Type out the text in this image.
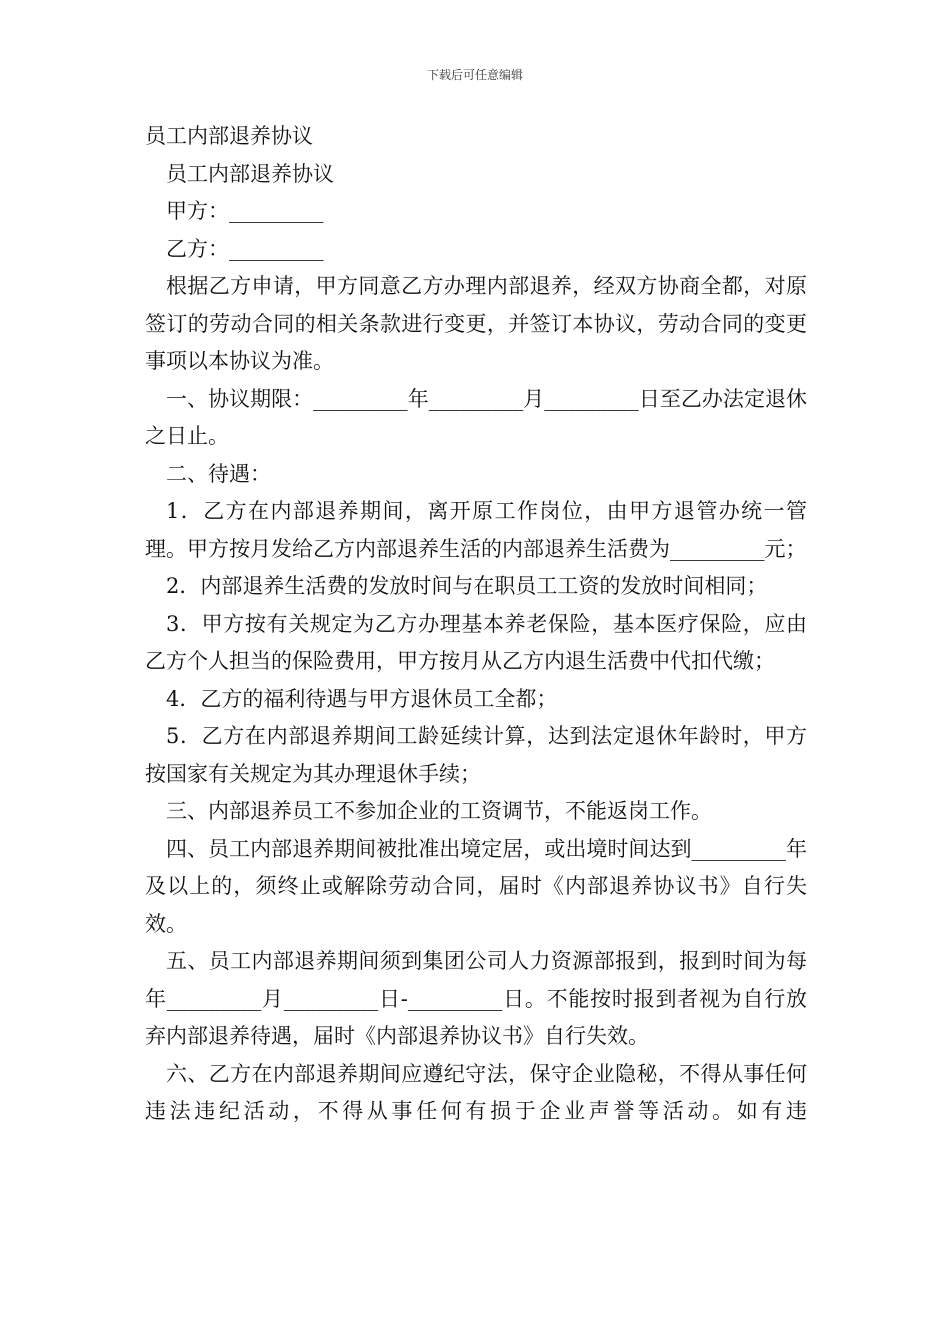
下载后可任意编辑

员工内部退养协议

员工内部退养协议

甲方：_________

乙方：_________

根据乙方申请，甲方同意乙方办理内部退养，经双方协商全都，对原签订的劳动合同的相关条款进行变更，并签订本协议，劳动合同的变更事项以本协议为准。

一、协议期限：_________年_________月_________日至乙办法定退休之日止。

二、待遇：

1．乙方在内部退养期间，离开原工作岗位，由甲方退管办统一管理。甲方按月发给乙方内部退养生活的内部退养生活费为_________元；

2．内部退养生活费的发放时间与在职员工工资的发放时间相同；

3．甲方按有关规定为乙方办理基本养老保险，基本医疗保险，应由乙方个人担当的保险费用，甲方按月从乙方内退生活费中代扣代缴；

4．乙方的福利待遇与甲方退休员工全都；

5．乙方在内部退养期间工龄延续计算，达到法定退休年龄时，甲方按国家有关规定为其办理退休手续；

三、内部退养员工不参加企业的工资调节，不能返岗工作。

四、员工内部退养期间被批准出境定居，或出境时间达到_________年及以上的，须终止或解除劳动合同，届时《内部退养协议书》自行失效。

五、员工内部退养期间须到集团公司人力资源部报到，报到时间为每年_________月_________日-_________日。不能按时报到者视为自行放弃内部退养待遇，届时《内部退养协议书》自行失效。

六、乙方在内部退养期间应遵纪守法，保守企业隐秘，不得从事任何违法违纪活动，不得从事任何有损于企业声誉等活动。如有违
